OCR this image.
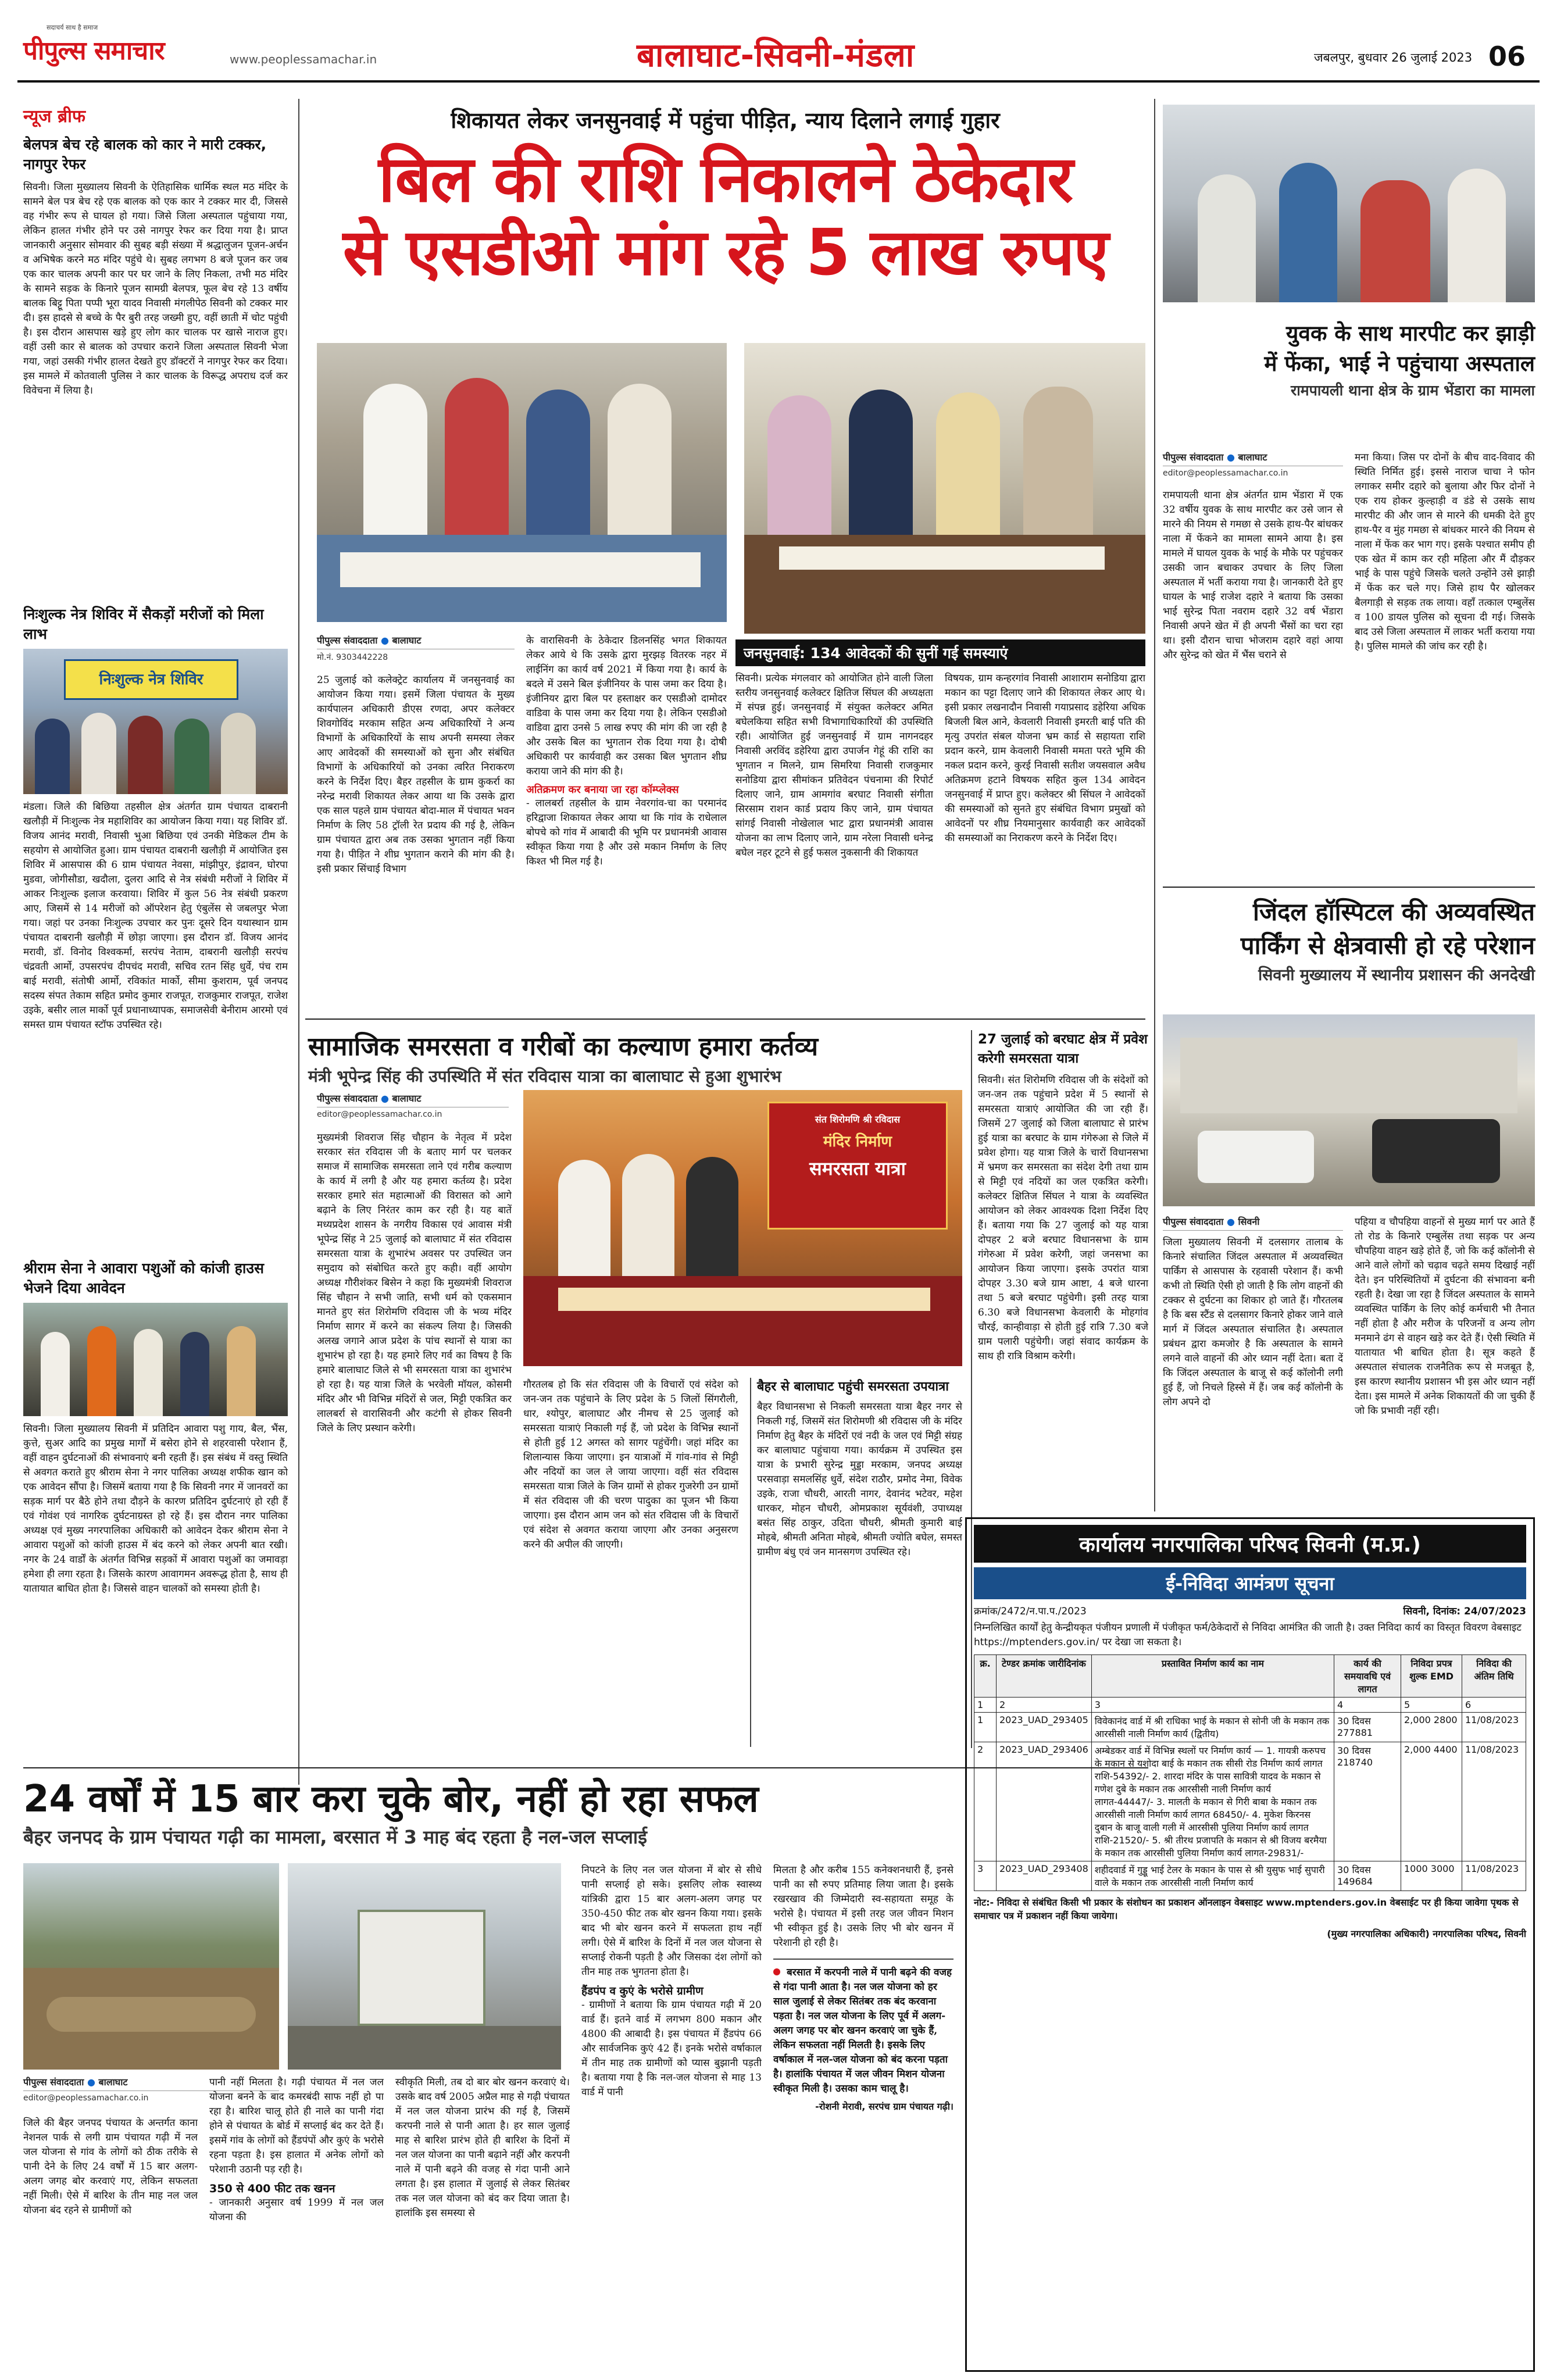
सदाचर्य साथ है समाज
पीपुल्स समाचार	www.peoplessamachar.in	बालाघाट-सिवनी-मंडला	जबलपुर, बुधवार 26 जुलाई 2023 06
न्यूज ब्रीफ
बेलपत्र बेच रहे बालक को कार ने मारी टक्कर, नागपुर रेफर

सिवनी। जिला मुख्यालय सिवनी के ऐतिहासिक धार्मिक स्थल मठ मंदिर के सामने बेल पत्र बेच रहे एक बालक को एक कार ने टक्कर मार दी, जिससे वह गंभीर रूप से घायल हो गया। जिसे जिला अस्पताल पहुंचाया गया, लेकिन हालत गंभीर होने पर उसे नागपुर रेफर कर दिया गया है। प्राप्त जानकारी अनुसार सोमवार की सुबह बड़ी संख्या में श्रद्धालुजन पूजन-अर्चन व अभिषेक करने मठ मंदिर पहुंचे थे। सुबह लगभग 8 बजे पूजन कर जब एक कार चालक अपनी कार पर घर जाने के लिए निकला, तभी मठ मंदिर के सामने सड़क के किनारे पूजन सामग्री बेलपत्र, फूल बेच रहे 13 वर्षीय बालक बिट्टू पिता पप्पी भूरा यादव निवासी मंगलीपेठ सिवनी को टक्कर मार दी। इस हादसे से बच्चे के पैर बुरी तरह जख्मी हुए, वहीं छाती में चोट पहुंची है। इस दौरान आसपास खड़े हुए लोग कार चालक पर खासे नाराज हुए। वहीं उसी कार से बालक को उपचार कराने जिला अस्पताल सिवनी भेजा गया, जहां उसकी गंभीर हालत देखते हुए डॉक्टरों ने नागपुर रेफर कर दिया। इस मामले में कोतवाली पुलिस ने कार चालक के विरूद्ध अपराध दर्ज कर विवेचना में लिया है।

निःशुल्क नेत्र शिविर में सैकड़ों मरीजों को मिला लाभ
निःशुल्क नेत्र शिविर

मंडला। जिले की बिछिया तहसील क्षेत्र अंतर्गत ग्राम पंचायत दाबरानी खलौड़ी में निःशुल्क नेत्र महाशिविर का आयोजन किया गया। यह शिविर डॉ. विजय आनंद मरावी, निवासी भुआ बिछिया एवं उनकी मेडिकल टीम के सहयोग से आयोजित हुआ। ग्राम पंचायत दाबरानी खलौड़ी में आयोजित इस शिविर में आसपास की 6 ग्राम पंचायत नेवसा, मांझीपुर, इंद्रावन, घोरपा मुडवा, जोगीसौडा, खदौला, दुलरा आदि से नेत्र संबंधी मरीजों ने शिविर में आकर निःशुल्क इलाज करवाया। शिविर में कुल 56 नेत्र संबंधी प्रकरण आए, जिसमें से 14 मरीजों को ऑपरेशन हेतु एंबुलेंस से जबलपुर भेजा गया। जहां पर उनका निःशुल्क उपचार कर पुनः दूसरे दिन यथास्थान ग्राम पंचायत दाबरानी खलौड़ी में छोड़ा जाएगा। इस दौरान डॉ. विजय आनंद मरावी, डॉ. विनोद विश्वकर्मा, सरपंच नेताम, दाबरानी खलौड़ी सरपंच चंद्रवती आर्मो, उपसरपंच दीपचंद मरावी, सचिव रतन सिंह धुर्वे, पंच राम बाई मरावी, संतोषी आर्मो, रविकांत मार्को, सीमा कुशराम, पूर्व जनपद सदस्य संपत तेकाम सहित प्रमोद कुमार राजपूत, राजकुमार राजपूत, राजेश उइके, बसीर लाल मार्को पूर्व प्रधानाध्यापक, समाजसेवी बेनीराम आरमो एवं समस्त ग्राम पंचायत स्टॉफ उपस्थित रहे।

श्रीराम सेना ने आवारा पशुओं को कांजी हाउस भेजने दिया आवेदन

सिवनी। जिला मुख्यालय सिवनी में प्रतिदिन आवारा पशु गाय, बैल, भैंस, कुत्ते, सुअर आदि का प्रमुख मार्गों में बसेरा होने से शहरवासी परेशान हैं, वहीं वाहन दुर्घटनाओं की संभावनाएं बनी रहती हैं। इस संबंध में वस्तु स्थिति से अवगत कराते हुए श्रीराम सेना ने नगर पालिका अध्यक्ष शफीक खान को एक आवेदन सौंपा है। जिसमें बताया गया है कि सिवनी नगर में जानवरों का सड़क मार्ग पर बैठे होने तथा दौड़ने के कारण प्रतिदिन दुर्घटनाएं हो रही हैं एवं गोवंश एवं नागरिक दुर्घटनाग्रस्त हो रहे हैं। इस दौरान नगर पालिका अध्यक्ष एवं मुख्य नगरपालिका अधिकारी को आवेदन देकर श्रीराम सेना ने आवारा पशुओं को कांजी हाउस में बंद करने को लेकर अपनी बात रखी। नगर के 24 वार्डों के अंतर्गत विभिन्न सड़कों में आवारा पशुओं का जमावड़ा हमेशा ही लगा रहता है। जिसके कारण आवागमन अवरूद्ध होता है, साथ ही यातायात बाधित होता है। जिससे वाहन चालकों को समस्या होती है।

शिकायत लेकर जनसुनवाई में पहुंचा पीड़ित, न्याय दिलाने लगाई गुहार
बिल की राशि निकालने ठेकेदार
से एसडीओ मांग रहे 5 लाख रुपए
पीपुल्स संवाददाता ● बालाघाट
मो.नं. 9303442228

25 जुलाई को कलेक्ट्रेट कार्यालय में जनसुनवाई का आयोजन किया गया। इसमें जिला पंचायत के मुख्य कार्यपालन अधिकारी डीएस रणदा, अपर कलेक्टर शिवगोविंद मरकाम सहित अन्य अधिकारियों ने अन्य विभागों के अधिकारियों के साथ अपनी समस्या लेकर आए आवेदकों की समस्याओं को सुना और संबंधित विभागों के अधिकारियों को उनका त्वरित निराकरण करने के निर्देश दिए। बैहर तहसील के ग्राम कुकर्रा का नरेन्द्र मरावी शिकायत लेकर आया था कि उसके द्वारा एक साल पहले ग्राम पंचायत बोदा-माल में पंचायत भवन निर्माण के लिए 58 ट्रॉली रेत प्रदाय की गई है, लेकिन ग्राम पंचायत द्वारा अब तक उसका भुगतान नहीं किया गया है। पीड़ित ने शीघ्र भुगतान कराने की मांग की है। इसी प्रकार सिंचाई विभाग

के वारासिवनी के ठेकेदार डिलनसिंह भगत शिकायत लेकर आये थे कि उसके द्वारा मुरझड़ वितरक नहर में लाईनिंग का कार्य वर्ष 2021 में किया गया है। कार्य के बदले में उसने बिल इंजीनियर के पास जमा कर दिया है। इंजीनियर द्वारा बिल पर हस्ताक्षर कर एसडीओ दामोदर वाडिवा के पास जमा कर दिया गया है। लेकिन एसडीओ वाडिवा द्वारा उनसे 5 लाख रुपए की मांग की जा रही है और उसके बिल का भुगतान रोक दिया गया है। दोषी अधिकारी पर कार्यवाही कर उसका बिल भुगतान शीघ्र कराया जाने की मांग की है।

अतिक्रमण कर बनाया जा रहा कॉम्प्लेक्स

- लालबर्रा तहसील के ग्राम नेवरगांव-चा का परमानंद हरिद्वाजा शिकायत लेकर आया था कि गांव के राधेलाल बोपचे को गांव में आबादी की भूमि पर प्रधानमंत्री आवास स्वीकृत किया गया है और उसे मकान निर्माण के लिए किश्त भी मिल गई है।

जनसुनवाई: 134 आवेदकों की सुनीं गई समस्याएं

सिवनी। प्रत्येक मंगलवार को आयोजित होने वाली जिला स्तरीय जनसुनवाई कलेक्टर क्षितिज सिंघल की अध्यक्षता में संपन्न हुई। जनसुनवाई में संयुक्त कलेक्टर अमित बघेलकिया सहित सभी विभागाधिकारियों की उपस्थिति रही। आयोजित हुई जनसुनवाई में ग्राम नागनदहर निवासी अरविंद डहेरिया द्वारा उपार्जन गेहूं की राशि का भुगतान न मिलने, ग्राम सिमरिया निवासी राजकुमार सनोडिया द्वारा सीमांकन प्रतिवेदन पंचनामा की रिपोर्ट दिलाए जाने, ग्राम आमगांव बरघाट निवासी संगीता सिरसाम राशन कार्ड प्रदाय किए जाने, ग्राम पंचायत सांगई निवासी नोखेलाल भाट द्वारा प्रधानमंत्री आवास योजना का लाभ दिलाए जाने, ग्राम नरेला निवासी धनेन्द्र बघेल नहर टूटने से हुई फसल नुकसानी की शिकायत

विषयक, ग्राम कन्हरगांव निवासी आशाराम सनोडिया द्वारा मकान का पट्टा दिलाए जाने की शिकायत लेकर आए थे। इसी प्रकार लखनादौन निवासी गयाप्रसाद डहेरिया अधिक बिजली बिल आने, केवलारी निवासी इमरती बाई पति की मृत्यु उपरांत संबल योजना भ्रम कार्ड से सहायता राशि प्रदान करने, ग्राम केवलारी निवासी ममता परते भूमि की नकल प्रदान करने, कुरई निवासी सतीश जयसवाल अवैध अतिक्रमण हटाने विषयक सहित कुल 134 आवेदन जनसुनवाई में प्राप्त हुए। कलेक्टर श्री सिंघल ने आवेदकों की समस्याओं को सुनते हुए संबंधित विभाग प्रमुखों को आवेदनों पर शीघ्र नियमानुसार कार्यवाही कर आवेदकों की समस्याओं का निराकरण करने के निर्देश दिए।

युवक के साथ मारपीट कर झाड़ी
में फेंका, भाई ने पहुंचाया अस्पताल
रामपायली थाना क्षेत्र के ग्राम भेंडारा का मामला
पीपुल्स संवाददाता ● बालाघाट
editor@peoplessamachar.co.in

रामपायली थाना क्षेत्र अंतर्गत ग्राम भेंडारा में एक 32 वर्षीय युवक के साथ मारपीट कर उसे जान से मारने की नियम से गमछा से उसके हाथ-पैर बांधकर नाला में फेंकने का मामला सामने आया है। इस मामले में घायल युवक के भाई के मौके पर पहुंचकर उसकी जान बचाकर उपचार के लिए जिला अस्पताल में भर्ती कराया गया है। जानकारी देते हुए घायल के भाई राजेश दहारे ने बताया कि उसका भाई सुरेन्द्र पिता नवराम दहारे 32 वर्ष भेंडारा निवासी अपने खेत में ही अपनी भैंसों का चरा रहा था। इसी दौरान चाचा भोजराम दहारे वहां आया और सुरेन्द्र को खेत में भैंस चराने से

मना किया। जिस पर दोनों के बीच वाद-विवाद की स्थिति निर्मित हुई। इससे नाराज चाचा ने फोन लगाकर समीर दहारे को बुलाया और फिर दोनों ने एक राय होकर कुल्हाड़ी व डंडे से उसके साथ मारपीट की और जान से मारने की धमकी देते हुए हाथ-पैर व मुंह गमछा से बांधकर मारने की नियम से नाला में फेंक कर भाग गए। इसके पश्चात समीप ही एक खेत में काम कर रही महिला और मैं दौड़कर भाई के पास पहुंचे जिसके चलते उन्होंने उसे झाड़ी में फेंक कर चले गए। जिसे हाथ पैर खोलकर बैलगाड़ी से सड़क तक लाया। वहाँ तत्काल एम्बुलेंस व 100 डायल पुलिस को सूचना दी गई। जिसके बाद उसे जिला अस्पताल में लाकर भर्ती कराया गया है। पुलिस मामले की जांच कर रही है।

जिंदल हॉस्पिटल की अव्यवस्थित
पार्किंग से क्षेत्रवासी हो रहे परेशान
सिवनी मुख्यालय में स्थानीय प्रशासन की अनदेखी
पीपुल्स संवाददाता ● सिवनी

जिला मुख्यालय सिवनी में दलसागर तालाब के किनारे संचालित जिंदल अस्पताल में अव्यवस्थित पार्किंग से आसपास के रहवासी परेशान हैं। कभी कभी तो स्थिति ऐसी हो जाती है कि लोग वाहनों की टक्कर से दुर्घटना का शिकार हो जाते हैं। गौरतलब है कि बस स्टैंड से दलसागर किनारे होकर जाने वाले मार्ग में जिंदल अस्पताल संचालित है। अस्पताल प्रबंधन द्वारा कमजोर है कि अस्पताल के सामने लगने वाले वाहनों की ओर ध्यान नहीं देता। बता दें कि जिंदल अस्पताल के बाजू से कई कॉलोनी लगी हुई हैं, जो निचले हिस्से में हैं। जब कई कॉलोनी के लोग अपने दो

पहिया व चौपहिया वाहनों से मुख्य मार्ग पर आते हैं तो रोड के किनारे एम्बुलेंस तथा सड़क पर अन्य चौपहिया वाहन खड़े होते हैं, जो कि कई कॉलोनी से आने वाले लोगों को चढ़ाव चढ़ते समय दिखाई नहीं देते। इन परिस्थितियों में दुर्घटना की संभावना बनी रहती है। देखा जा रहा है जिंदल अस्पताल के सामने व्यवस्थित पार्किंग के लिए कोई कर्मचारी भी तैनात नहीं होता है और मरीज के परिजनों व अन्य लोग मनमाने ढंग से वाहन खड़े कर देते हैं। ऐसी स्थिति में यातायात भी बाधित होता है। सूत्र कहते हैं अस्पताल संचालक राजनैतिक रूप से मजबूत है, इस कारण स्थानीय प्रशासन भी इस ओर ध्यान नहीं देता। इस मामले में अनेक शिकायतों की जा चुकी हैं जो कि प्रभावी नहीं रही।

सामाजिक समरसता व गरीबों का कल्याण हमारा कर्तव्य
मंत्री भूपेन्द्र सिंह की उपस्थिति में संत रविदास यात्रा का बालाघाट से हुआ शुभारंभ
पीपुल्स संवाददाता ● बालाघाट
editor@peoplessamachar.co.in

मुख्यमंत्री शिवराज सिंह चौहान के नेतृत्व में प्रदेश सरकार संत रविदास जी के बताए मार्ग पर चलकर समाज में सामाजिक समरसता लाने एवं गरीब कल्याण के कार्य में लगी है और यह हमारा कर्तव्य है। प्रदेश सरकार हमारे संत महात्माओं की विरासत को आगे बढ़ाने के लिए निरंतर काम कर रही है। यह बातें मध्यप्रदेश शासन के नगरीय विकास एवं आवास मंत्री भूपेन्द्र सिंह ने 25 जुलाई को बालाघाट में संत रविदास समरसता यात्रा के शुभारंभ अवसर पर उपस्थित जन समुदाय को संबोधित करते हुए कही। वहीं आयोग अध्यक्ष गौरीशंकर बिसेन ने कहा कि मुख्यमंत्री शिवराज सिंह चौहान ने सभी जाति, सभी धर्म को एकसमान मानते हुए संत शिरोमणि रविदास जी के भव्य मंदिर निर्माण सागर में करने का संकल्प लिया है। जिसकी अलख जगाने आज प्रदेश के पांच स्थानों से यात्रा का शुभारंभ हो रहा है। यह हमारे लिए गर्व का विषय है कि हमारे बालाघाट जिले से भी समरसता यात्रा का शुभारंभ हो रहा है। यह यात्रा जिले के भरवेली मॉयल, कोसमी मंदिर और भी विभिन्न मंदिरों से जल, मिट्टी एकत्रित कर लालबर्रा से वारासिवनी और कटंगी से होकर सिवनी जिले के लिए प्रस्थान करेगी।

संत शिरोमणि श्री रविदास
मंदिर निर्माण
समरसता यात्रा

गौरतलब हो कि संत रविदास जी के विचारों एवं संदेश को जन-जन तक पहुंचाने के लिए प्रदेश के 5 जिलों सिंगरौली, धार, श्योपुर, बालाघाट और नीमच से 25 जुलाई को समरसता यात्राएं निकाली गई हैं, जो प्रदेश के विभिन्न स्थानों से होती हुई 12 अगस्त को सागर पहुंचेंगी। जहां मंदिर का शिलान्यास किया जाएगा। इन यात्राओं में गांव-गांव से मिट्टी और नदियों का जल ले जाया जाएगा। वहीं संत रविदास समरसता यात्रा जिले के जिन ग्रामों से होकर गुजरेगी उन ग्रामों में संत रविदास जी की चरण पादुका का पूजन भी किया जाएगा। इस दौरान आम जन को संत रविदास जी के विचारों एवं संदेश से अवगत कराया जाएगा और उनका अनुसरण करने की अपील की जाएगी।

बैहर से बालाघाट पहुंची समरसता उपयात्रा

बैहर विधानसभा से निकली समरसता यात्रा बैहर नगर से निकली गई, जिसमें संत शिरोमणी श्री रविदास जी के मंदिर निर्माण हेतु बैहर के मंदिरों एवं नदी के जल एवं मिट्टी संग्रह कर बालाघाट पहुंचाया गया। कार्यक्रम में उपस्थित इस यात्रा के प्रभारी सुरेन्द्र मुड्डा मरकाम, जनपद अध्यक्ष परसवाड़ा समलसिंह धुर्वे, संदेश राठौर, प्रमोद नेमा, विवेक उइके, राजा चौधरी, आरती नागर, देवानंद भटेवर, महेश धारकर, मोहन चौधरी, ओमप्रकाश सूर्यवंशी, उपाध्यक्ष बसंत सिंह ठाकुर, उदिता चौधरी, श्रीमती कुमारी बाई मोहबे, श्रीमती अनिता मोहबे, श्रीमती ज्योति बघेल, समस्त ग्रामीण बंधु एवं जन मानसगण उपस्थित रहे।

27 जुलाई को बरघाट क्षेत्र में प्रवेश करेगी समरसता यात्रा

सिवनी। संत शिरोमणि रविदास जी के संदेशों को जन-जन तक पहुंचाने प्रदेश में 5 स्थानों से समरसता यात्राएं आयोजित की जा रही हैं। जिसमें 27 जुलाई को जिला बालाघाट से प्रारंभ हुई यात्रा का बरघाट के ग्राम गंगेरुआ से जिले में प्रवेश होगा। यह यात्रा जिले के चारों विधानसभा में भ्रमण कर समरसता का संदेश देगी तथा ग्राम से मिट्टी एवं नदियों का जल एकत्रित करेगी। कलेक्टर क्षितिज सिंघल ने यात्रा के व्यवस्थित आयोजन को लेकर आवश्यक दिशा निर्देश दिए हैं। बताया गया कि 27 जुलाई को यह यात्रा दोपहर 2 बजे बरघाट विधानसभा के ग्राम गंगेरुआ में प्रवेश करेगी, जहां जनसभा का आयोजन किया जाएगा। इसके उपरांत यात्रा दोपहर 3.30 बजे ग्राम आष्टा, 4 बजे धारना तथा 5 बजे बरघाट पहुंचेगी। इसी तरह यात्रा 6.30 बजे विधानसभा केवलारी के मोहगांव चौरई, कान्हीवाड़ा से होती हुई रात्रि 7.30 बजे ग्राम पलारी पहुंचेगी। जहां संवाद कार्यक्रम के साथ ही रात्रि विश्राम करेगी।

24 वर्षों में 15 बार करा चुके बोर, नहीं हो रहा सफल
बैहर जनपद के ग्राम पंचायत गढ़ी का मामला, बरसात में 3 माह बंद रहता है नल-जल सप्लाई
पीपुल्स संवाददाता ● बालाघाट
editor@peoplessamachar.co.in

जिले की बैहर जनपद पंचायत के अन्तर्गत काना नेशनल पार्क से लगी ग्राम पंचायत गढ़ी में नल जल योजना से गांव के लोगों को ठीक तरीके से पानी देने के लिए 24 वर्षों में 15 बार अलग-अलग जगह बोर करवाएं गए, लेकिन सफलता नहीं मिली। ऐसे में बारिश के तीन माह नल जल योजना बंद रहने से ग्रामीणों को

पानी नहीं मिलता है। गढ़ी पंचायत में नल जल योजना बनने के बाद कमरबंदी साफ नहीं हो पा रहा है। बारिश चालू होते ही नाले का पानी गंदा होने से पंचायत के बोर्ड में सप्लाई बंद कर देते हैं। इसमें गांव के लोगों को हैंडपंपों और कुएं के भरोसे रहना पड़ता है। इस हालात में अनेक लोगों को परेशानी उठानी पड़ रही है।

350 से 400 फीट तक खनन

- जानकारी अनुसार वर्ष 1999 में नल जल योजना की

स्वीकृति मिली, तब दो बार बोर खनन करवाएं थे। उसके बाद वर्ष 2005 अप्रैल माह से गढ़ी पंचायत में नल जल योजना प्रारंभ की गई है, जिसमें करपनी नाले से पानी आता है। हर साल जुलाई माह से बारिश प्रारंभ होते ही बारिश के दिनों में नल जल योजना का पानी बढ़ाने नहीं और करपनी नाले में पानी बढ़ने की वजह से गंदा पानी आने लगता है। इस हालात में जुलाई से लेकर सितंबर तक नल जल योजना को बंद कर दिया जाता है। हालांकि इस समस्या से

निपटने के लिए नल जल योजना में बोर से सीधे पानी सप्लाई हो सके। इसलिए लोक स्वास्थ्य यांत्रिकी द्वारा 15 बार अलग-अलग जगह पर 350-450 फीट तक बोर खनन किया गया। इसके बाद भी बोर खनन करने में सफलता हाथ नहीं लगी। ऐसे में बारिश के दिनों में नल जल योजना से सप्लाई रोकनी पड़ती है और जिसका दंश लोगों को तीन माह तक भुगतना होता है।

हैंडपंप व कुएं के भरोसे ग्रामीण

- ग्रामीणों ने बताया कि ग्राम पंचायत गढ़ी में 20 वार्ड हैं। इतने वार्ड में लगभग 800 मकान और 4800 की आबादी है। इस पंचायत में हैंडपंप 66 और सार्वजनिक कुएं 42 हैं। इनके भरोसे वर्षाकाल में तीन माह तक ग्रामीणों को प्यास बुझानी पड़ती है। बताया गया है कि नल-जल योजना से माह 13 वार्ड में पानी

मिलता है और करीब 155 कनेक्शनधारी हैं, इनसे पानी का सौ रुपए प्रतिमाह लिया जाता है। इसके रखरखाव की जिम्मेदारी स्व-सहायता समूह के भरोसे है। पंचायत में इसी तरह जल जीवन मिशन भी स्वीकृत हुई है। उसके लिए भी बोर खनन में परेशानी हो रही है।

बरसात में करपनी नाले में पानी बढ़ने की वजह से गंदा पानी आता है। नल जल योजना को हर साल जुलाई से लेकर सितंबर तक बंद करवाना पड़ता है। नल जल योजना के लिए पूर्व में अलग-अलग जगह पर बोर खनन करवाएं जा चुके हैं, लेकिन सफलता नहीं मिलती है। इसके लिए वर्षाकाल में नल-जल योजना को बंद करना पड़ता है। हालांकि पंचायत में जल जीवन मिशन योजना स्वीकृत मिली है। उसका काम चालू है।
-रोशनी मेरावी, सरपंच ग्राम पंचायत गढ़ी।
कार्यालय नगरपालिका परिषद सिवनी (म.प्र.)
ई-निविदा आमंत्रण सूचना
क्रमांक/2472/न.पा.प./2023	सिवनी, दिनांक: 24/07/2023
निम्नलिखित कार्यों हेतु केन्द्रीयकृत पंजीयन प्रणाली में पंजीकृत फर्म/ठेकेदारों से निविदा आमंत्रित की जाती है। उक्त निविदा कार्य का विस्तृत विवरण वेबसाइट https://mptenders.gov.in/ पर देखा जा सकता है।
क्र.	टेण्डर क्रमांक जारीदिनांक	प्रस्तावित निर्माण कार्य का नाम	कार्य की समयावधि एवं लागत	निविदा प्रपत्र शुल्क EMD	निविदा की अंतिम तिथि
1	2	3	4	5	6
1	2023_UAD_293405	विवेकानंद वार्ड में श्री राधिका भाई के मकान से सोनी जी के मकान तक आरसीसी नाली निर्माण कार्य (द्वितीय)	30 दिवस 277881	2,000 2800	11/08/2023
2	2023_UAD_293406	अम्बेडकर वार्ड में विभिन्न स्थलों पर निर्माण कार्य — 1. गायत्री करुपच के मकान से यशोदा बाई के मकान तक सीसी रोड निर्माण कार्य लागत राशि-54392/- 2. शारदा मंदिर के पास सावित्री यादव के मकान से गणेश दुबे के मकान तक आरसीसी नाली निर्माण कार्य लागत-44447/- 3. मालती के मकान से गिरी बाबा के मकान तक आरसीसी नाली निर्माण कार्य लागत 68450/- 4. मुकेश किरनस दुबान के बाजू वाली गली में आरसीसी पुलिया निर्माण कार्य लागत राशि-21520/- 5. श्री तीरथ प्रजापति के मकान से श्री विजय बरमैया के मकान तक आरसीसी पुलिया निर्माण कार्य लागत-29831/-	30 दिवस 218740	2,000 4400	11/08/2023
3	2023_UAD_293408	शहीदवार्ड में गुड्डू भाई टेलर के मकान के पास से श्री युसुफ भाई सुपारी वाले के मकान तक आरसीसी नाली निर्माण कार्य	30 दिवस 149684	1000 3000	11/08/2023
नोट:- निविदा से संबंधित किसी भी प्रकार के संशोधन का प्रकाशन ऑनलाइन वेबसाइट www.mptenders.gov.in वेबसाईट पर ही किया जावेगा पृथक से समाचार पत्र में प्रकाशन नहीं किया जायेगा।
(मुख्य नगरपालिका अधिकारी) नगरपालिका परिषद, सिवनी
